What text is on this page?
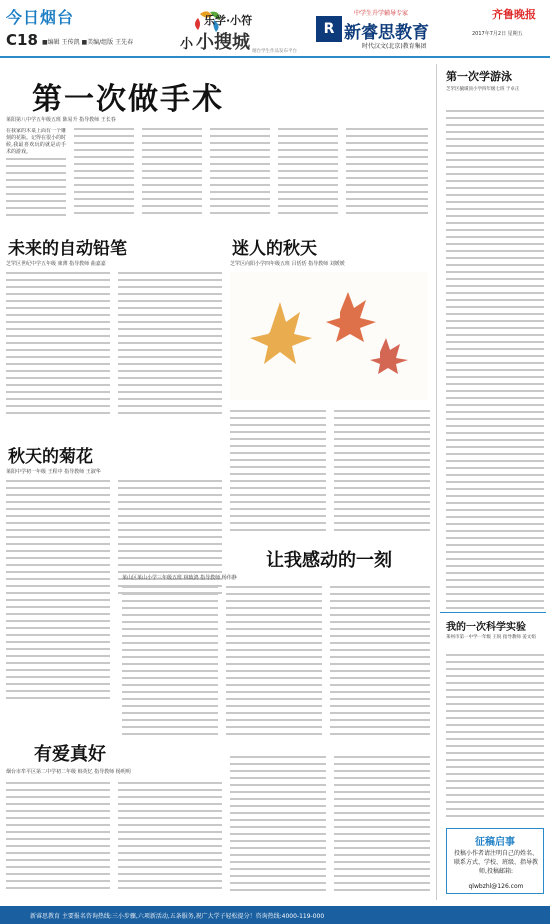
今日烟台
C18 ■编辑 王传凯 ■美编/组版 王先春	小
乐学·小符
小搜城 烟台学生作品发布平台
中学生升学辅导专家
R 新睿思教育
时代汉文(北京)教育集团
齐鲁晚报
2017年7月2日 星期五
第一次做手术
莱阳第八中学五年级五班 陈易升 指导教师 王长春
在我家的木桌上面有一个雕刻的花瓶。记得在很小的时候,我最喜欢玩的就是动手术的游戏。
第一次学游泳
芝罘区毓璜顶小学四年级七班 于卓正
我的一次科学实验
莱州市第一中学一年级 王锐 指导教师 姜文娟
征稿启事
投稿小作者请注明自己的姓名、联系方式、学校、班级、指导教师,投稿邮箱:
qlwbzhl@126.com
未来的自动铅笔
芝罘区世纪中学五年级 柬薄 指导教师 曲嘉嘉
迷人的秋天
芝罘区向阳小学四年级五班 吕恬恬 指导教师 刘媛媛
秋天的菊花
莱阳中学初一年级 王程中 指导教师 王淑华
让我感动的一刻
莱山区莱山小学三年级五班 林致鸿 指导教师 杨伟静
有爱真好
烟台市牟平区第二中学初二年级 韩英忆 指导教师 杨明明
新睿思教育 主要报名咨询热线:三小步骤,六项新活动,五条服务,祝广大学子轻松提分！咨询热线:4000-119-000
